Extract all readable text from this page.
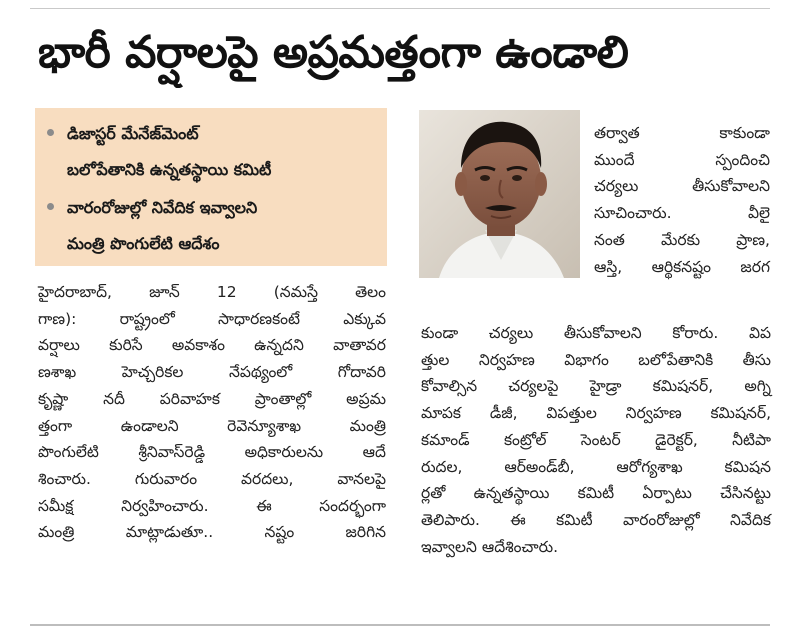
భారీ వర్షాలపై అప్రమత్తంగా ఉండాలి
డిజాస్టర్ మేనేజ్‌మెంట్
బలోపేతానికి ఉన్నతస్థాయి కమిటీ
వారంరోజుల్లో నివేదిక ఇవ్వాలని
మంత్రి పొంగులేటి ఆదేశం
హైదరాబాద్, జూన్ 12 (నమస్తే తెలం
గాణ): రాష్ట్రంలో సాధారణకంటే ఎక్కువ
వర్షాలు కురిసే అవకాశం ఉన్నదని వాతావర
ణశాఖ హెచ్చరికల నేపథ్యంలో గోదావరి
కృష్ణా నదీ పరివాహక ప్రాంతాల్లో అప్రమ
త్తంగా ఉండాలని రెవెన్యూశాఖ మంత్రి
పొంగులేటి శ్రీనివాస్‌రెడ్డి అధికారులను ఆదే
శించారు. గురువారం వరదలు, వానలపై
సమీక్ష నిర్వహించారు. ఈ సందర్భంగా
మంత్రి మాట్లాడుతూ.. నష్టం జరిగిన
తర్వాత కాకుండా
ముందే స్పందించి
చర్యలు తీసుకోవాలని
సూచించారు. వీలై
నంత మేరకు ప్రాణ,
ఆస్తి, ఆర్థికనష్టం జరగ
కుండా చర్యలు తీసుకోవాలని కోరారు. విప
త్తుల నిర్వహణ విభాగం బలోపేతానికి తీసు
కోవాల్సిన చర్యలపై హైడ్రా కమిషనర్, అగ్ని
మాపక డీజీ, విపత్తుల నిర్వహణ కమిషనర్,
కమాండ్ కంట్రోల్ సెంటర్ డైరెక్టర్, నీటిపా
రుదల, ఆర్అండ్‌బీ, ఆరోగ్యశాఖ కమిషన
ర్లతో ఉన్నతస్థాయి కమిటీ ఏర్పాటు చేసినట్టు
తెలిపారు. ఈ కమిటీ వారంరోజుల్లో నివేదిక
ఇవ్వాలని ఆదేశించారు.
